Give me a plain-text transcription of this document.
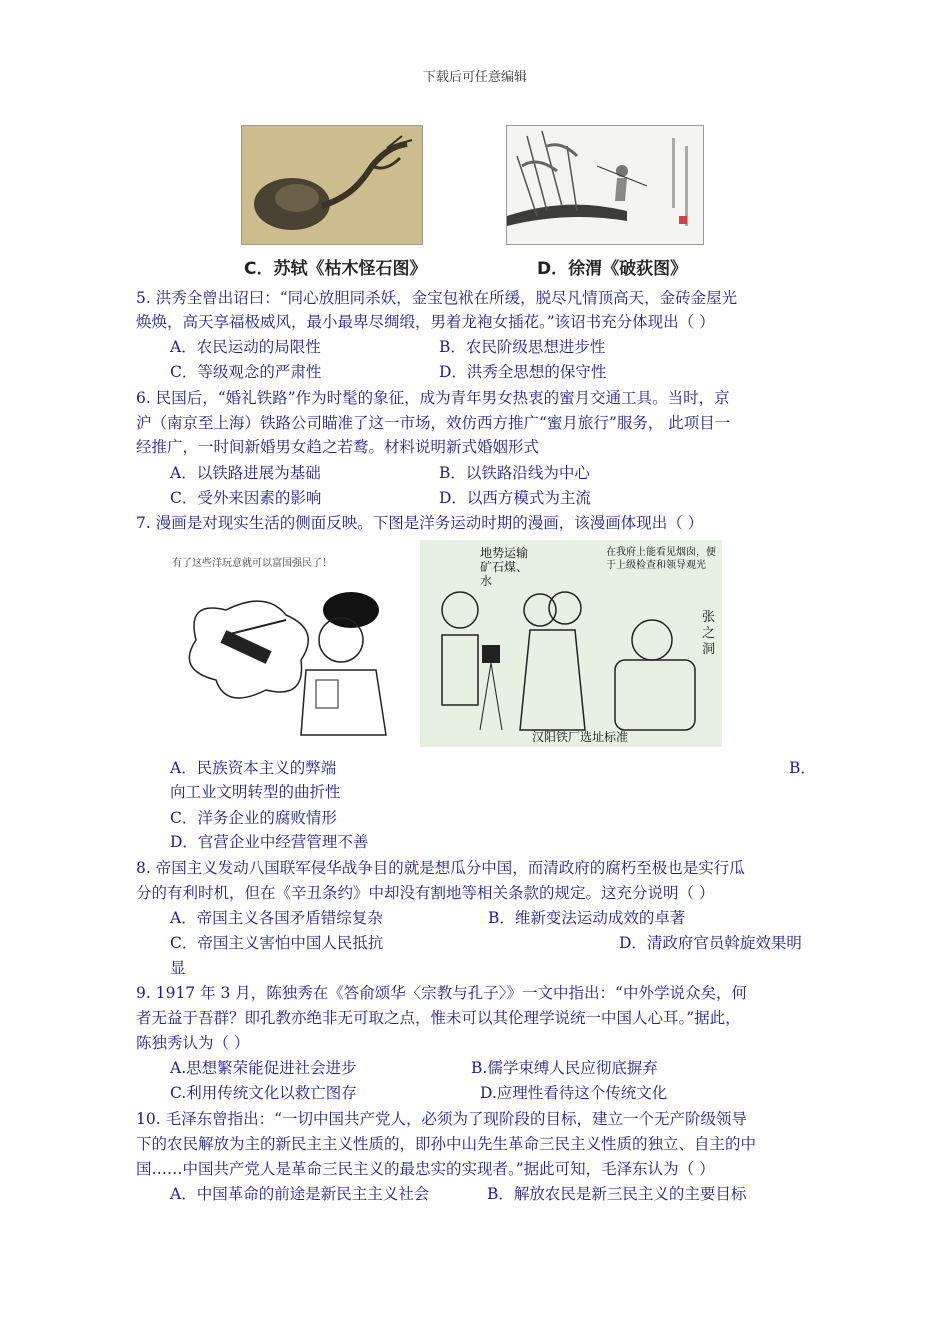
下载后可任意编辑
C．苏轼《枯木怪石图》	D．徐渭《破荻图》
5. 洪秀全曾出诏曰：“同心放胆同杀妖，金宝包袱在所缓，脱尽凡情顶高天，金砖金屋光
焕焕，高天享福极威风，最小最卑尽绸缎，男着龙袍女插花。”该诏书充分体现出（ ）
A．农民运动的局限性	B．农民阶级思想进步性
C．等级观念的严肃性	D．洪秀全思想的保守性
6. 民国后，“婚礼铁路”作为时髦的象征，成为青年男女热衷的蜜月交通工具。当时，京
沪（南京至上海）铁路公司瞄准了这一市场，效仿西方推广“蜜月旅行”服务， 此项目一
经推广，一时间新婚男女趋之若鹜。材料说明新式婚姻形式
A．以铁路进展为基础	B．以铁路沿线为中心
C．受外来因素的影响	D．以西方模式为主流
7. 漫画是对现实生活的侧面反映。下图是洋务运动时期的漫画，该漫画体现出（ ）
有了这些洋玩意就可以富国强民了！
地势运输矿石煤、水
在我府上能看见烟囱，便于上级检查和领导观光
张之洞
汉阳铁厂选址标准
A．民族资本主义的弊端	B．
向工业文明转型的曲折性
C．洋务企业的腐败情形
D．官营企业中经营管理不善
8. 帝国主义发动八国联军侵华战争目的就是想瓜分中国，而清政府的腐朽至极也是实行瓜
分的有利时机，但在《辛丑条约》中却没有割地等相关条款的规定。这充分说明（ ）
A．帝国主义各国矛盾错综复杂	B．维新变法运动成效的卓著
C．帝国主义害怕中国人民抵抗	D．清政府官员斡旋效果明
显
9. 1917 年 3 月，陈独秀在《答俞颂华〈宗教与孔子〉》一文中指出：“中外学说众矣，何
者无益于吾群？即孔教亦绝非无可取之点，惟未可以其伦理学说统一中国人心耳。”据此，
陈独秀认为（ ）
A.思想繁荣能促进社会进步	B.儒学束缚人民应彻底摒弃
C.利用传统文化以救亡图存	D.应理性看待这个传统文化
10. 毛泽东曾指出：“一切中国共产党人，必须为了现阶段的目标，建立一个无产阶级领导
下的农民解放为主的新民主主义性质的，即孙中山先生革命三民主义性质的独立、自主的中
国……中国共产党人是革命三民主义的最忠实的实现者。”据此可知，毛泽东认为（ ）
A．中国革命的前途是新民主主义社会	B．解放农民是新三民主义的主要目标
